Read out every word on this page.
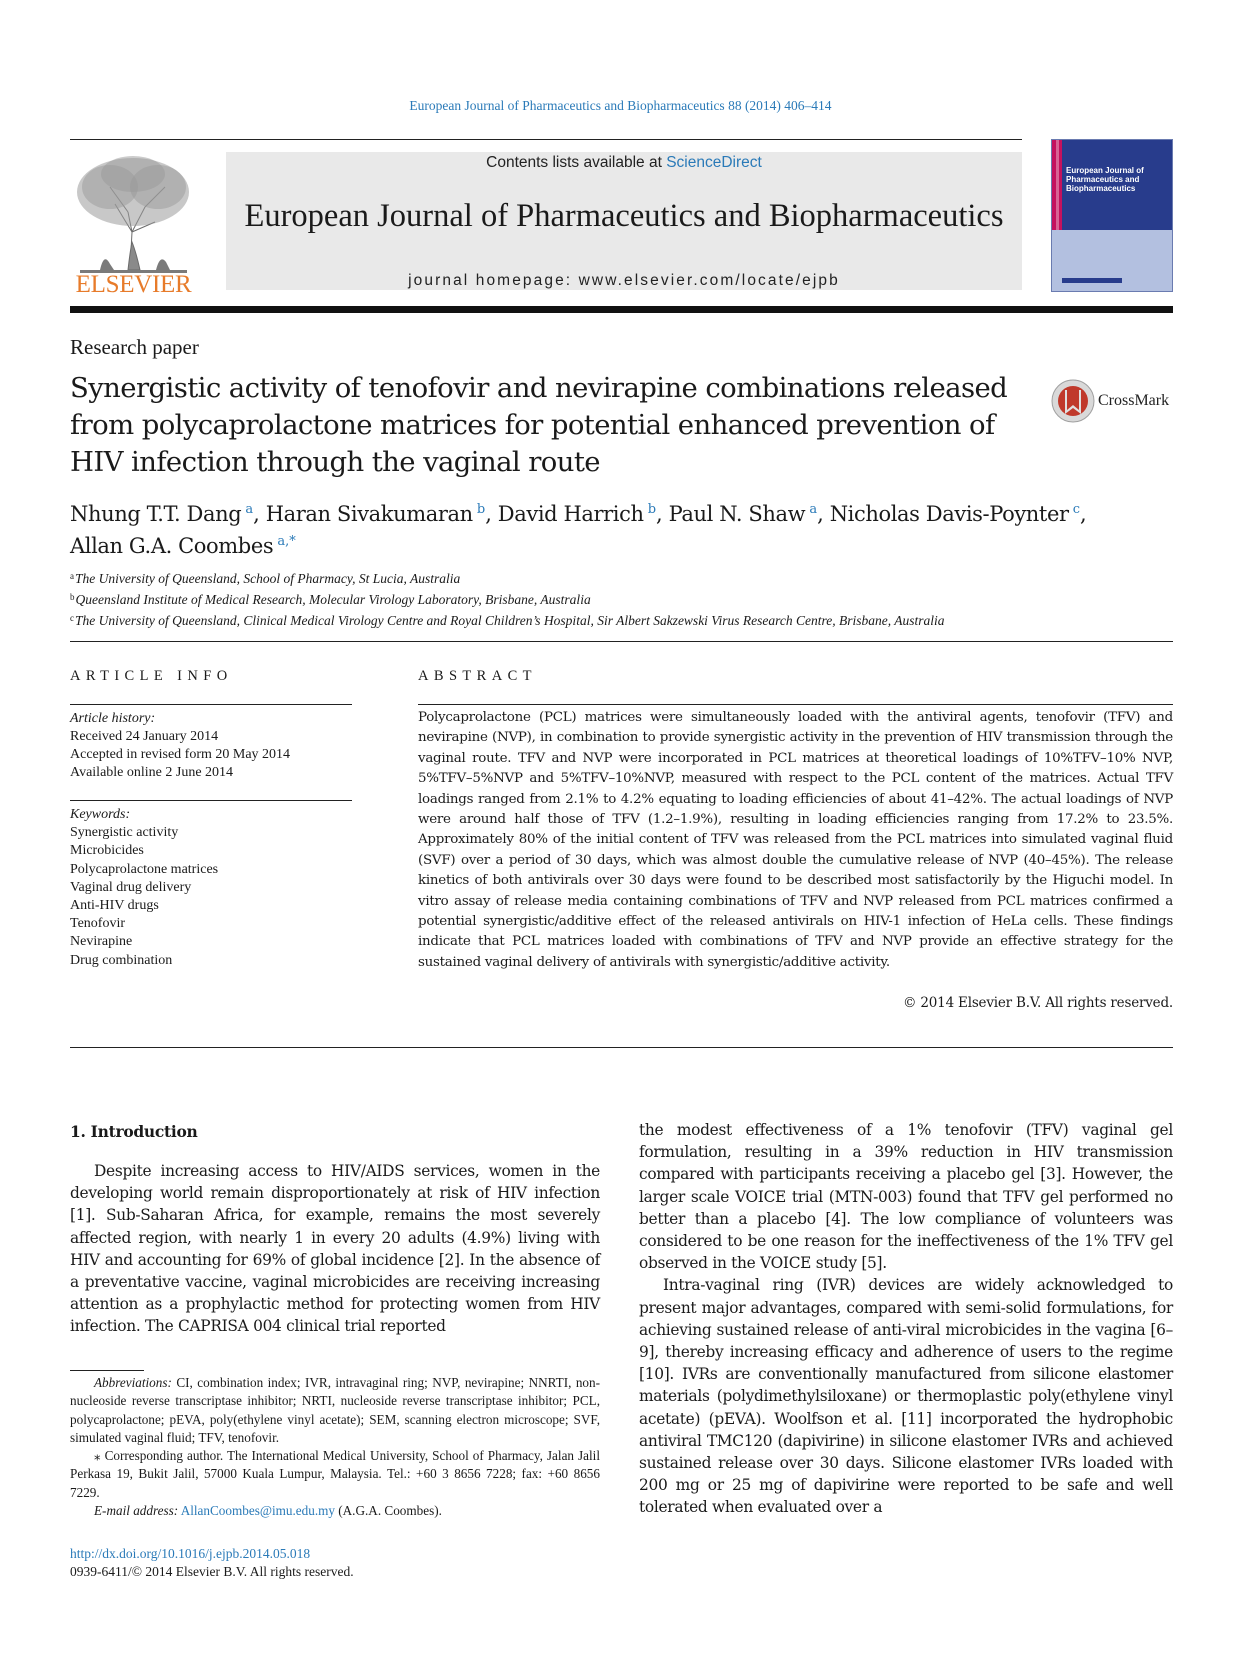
European Journal of Pharmaceutics and Biopharmaceutics 88 (2014) 406–414
ELSEVIER
Contents lists available at ScienceDirect
European Journal of Pharmaceutics and Biopharmaceutics
journal homepage: www.elsevier.com/locate/ejpb
European Journal of Pharmaceutics and Biopharmaceutics
Research paper
Synergistic activity of tenofovir and nevirapine combinations released from polycaprolactone matrices for potential enhanced prevention of HIV infection through the vaginal route
CrossMark
Nhung T.T. Dang $^a$, Haran Sivakumaran $^b$, David Harrich $^b$, Paul N. Shaw $^a$, Nicholas Davis-Poynter $^c$,
Allan G.A. Coombes $^{a,*}$
$^a$The University of Queensland, School of Pharmacy, St Lucia, Australia
$^b$Queensland Institute of Medical Research, Molecular Virology Laboratory, Brisbane, Australia
$^c$The University of Queensland, Clinical Medical Virology Centre and Royal Children’s Hospital, Sir Albert Sakzewski Virus Research Centre, Brisbane, Australia
ARTICLE INFO
Article history:
Received 24 January 2014
Accepted in revised form 20 May 2014
Available online 2 June 2014
Keywords:
Synergistic activity
Microbicides
Polycaprolactone matrices
Vaginal drug delivery
Anti-HIV drugs
Tenofovir
Nevirapine
Drug combination
ABSTRACT
Polycaprolactone (PCL) matrices were simultaneously loaded with the antiviral agents, tenofovir (TFV) and nevirapine (NVP), in combination to provide synergistic activity in the prevention of HIV transmission through the vaginal route. TFV and NVP were incorporated in PCL matrices at theoretical loadings of 10%TFV–10% NVP, 5%TFV–5%NVP and 5%TFV–10%NVP, measured with respect to the PCL content of the matrices. Actual TFV loadings ranged from 2.1% to 4.2% equating to loading efficiencies of about 41–42%. The actual loadings of NVP were around half those of TFV (1.2–1.9%), resulting in loading efficiencies ranging from 17.2% to 23.5%. Approximately 80% of the initial content of TFV was released from the PCL matrices into simulated vaginal fluid (SVF) over a period of 30 days, which was almost double the cumulative release of NVP (40–45%). The release kinetics of both antivirals over 30 days were found to be described most satisfactorily by the Higuchi model. In vitro assay of release media containing combinations of TFV and NVP released from PCL matrices confirmed a potential synergistic/additive effect of the released antivirals on HIV-1 infection of HeLa cells. These findings indicate that PCL matrices loaded with combinations of TFV and NVP provide an effective strategy for the sustained vaginal delivery of antivirals with synergistic/additive activity.
© 2014 Elsevier B.V. All rights reserved.
1. Introduction
Despite increasing access to HIV/AIDS services, women in the developing world remain disproportionately at risk of HIV infection [1]. Sub-Saharan Africa, for example, remains the most severely affected region, with nearly 1 in every 20 adults (4.9%) living with HIV and accounting for 69% of global incidence [2]. In the absence of a preventative vaccine, vaginal microbicides are receiving increasing attention as a prophylactic method for protecting women from HIV infection. The CAPRISA 004 clinical trial reported
Abbreviations: CI, combination index; IVR, intravaginal ring; NVP, nevirapine; NNRTI, non-nucleoside reverse transcriptase inhibitor; NRTI, nucleoside reverse transcriptase inhibitor; PCL, polycaprolactone; pEVA, poly(ethylene vinyl acetate); SEM, scanning electron microscope; SVF, simulated vaginal fluid; TFV, tenofovir.
⁎ Corresponding author. The International Medical University, School of Pharmacy, Jalan Jalil Perkasa 19, Bukit Jalil, 57000 Kuala Lumpur, Malaysia. Tel.: +60 3 8656 7228; fax: +60 8656 7229.
E-mail address: AllanCoombes@imu.edu.my (A.G.A. Coombes).
http://dx.doi.org/10.1016/j.ejpb.2014.05.018
0939-6411/© 2014 Elsevier B.V. All rights reserved.

the modest effectiveness of a 1% tenofovir (TFV) vaginal gel formulation, resulting in a 39% reduction in HIV transmission compared with participants receiving a placebo gel [3]. However, the larger scale VOICE trial (MTN-003) found that TFV gel performed no better than a placebo [4]. The low compliance of volunteers was considered to be one reason for the ineffectiveness of the 1% TFV gel observed in the VOICE study [5].

Intra-vaginal ring (IVR) devices are widely acknowledged to present major advantages, compared with semi-solid formulations, for achieving sustained release of anti-viral microbicides in the vagina [6–9], thereby increasing efficacy and adherence of users to the regime [10]. IVRs are conventionally manufactured from silicone elastomer materials (polydimethylsiloxane) or thermoplastic poly(ethylene vinyl acetate) (pEVA). Woolfson et al. [11] incorporated the hydrophobic antiviral TMC120 (dapivirine) in silicone elastomer IVRs and achieved sustained release over 30 days. Silicone elastomer IVRs loaded with 200 mg or 25 mg of dapivirine were reported to be safe and well tolerated when evaluated over a
